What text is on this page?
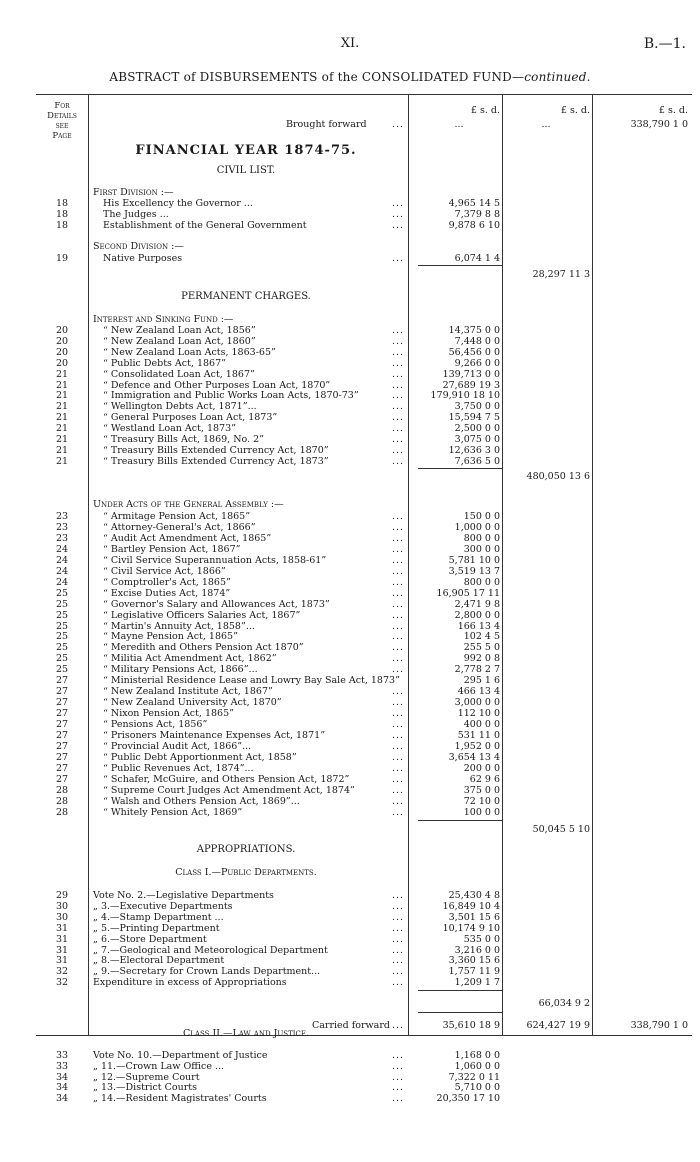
XI.	B.—1.
ABSTRACT of DISBURSEMENTS of the CONSOLIDATED FUND—continued.
For
Details
see
Page
£ s. d.	£ s. d.	£ s. d.
Brought forward	...	...	...	338,790 1 0
FINANCIAL YEAR 1874-75.
CIVIL LIST.
First Division :—
18	His Excellency the Governor ...	...	4,965 14 5
18	The Judges ...	...	7,379 8 8
18	Establishment of the General Government	...	9,878 6 10
Second Division :—
19	Native Purposes	...	6,074 1 4
28,297 11 3
PERMANENT CHARGES.
Interest and Sinking Fund :—
20	“ New Zealand Loan Act, 1856”	...	14,375 0 0
20	“ New Zealand Loan Act, 1860”	...	7,448 0 0
20	“ New Zealand Loan Acts, 1863-65”	...	56,456 0 0
20	“ Public Debts Act, 1867”	...	9,266 0 0
21	“ Consolidated Loan Act, 1867”	...	139,713 0 0
21	“ Defence and Other Purposes Loan Act, 1870”	...	27,689 19 3
21	“ Immigration and Public Works Loan Acts, 1870-73”	...	179,910 18 10
21	“ Wellington Debts Act, 1871”...	...	3,750 0 0
21	“ General Purposes Loan Act, 1873”	...	15,594 7 5
21	“ Westland Loan Act, 1873”	...	2,500 0 0
21	“ Treasury Bills Act, 1869, No. 2”	...	3,075 0 0
21	“ Treasury Bills Extended Currency Act, 1870”	...	12,636 3 0
21	“ Treasury Bills Extended Currency Act, 1873”	...	7,636 5 0
480,050 13 6
Under Acts of the General Assembly :—
23	“ Armitage Pension Act, 1865”	...	150 0 0
23	“ Attorney-General's Act, 1866”	...	1,000 0 0
23	“ Audit Act Amendment Act, 1865”	...	800 0 0
24	“ Bartley Pension Act, 1867”	...	300 0 0
24	“ Civil Service Superannuation Acts, 1858-61”	...	5,781 10 0
24	“ Civil Service Act, 1866”	...	3,519 13 7
24	“ Comptroller's Act, 1865”	...	800 0 0
25	“ Excise Duties Act, 1874”	...	16,905 17 11
25	“ Governor's Salary and Allowances Act, 1873”	...	2,471 9 8
25	“ Legislative Officers Salaries Act, 1867”	...	2,800 0 0
25	“ Martin's Annuity Act, 1858”...	...	166 13 4
25	“ Mayne Pension Act, 1865”	...	102 4 5
25	“ Meredith and Others Pension Act 1870”	...	255 5 0
25	“ Militia Act Amendment Act, 1862”	...	992 0 8
25	“ Military Pensions Act, 1866”...	...	2,778 2 7
27	“ Ministerial Residence Lease and Lowry Bay Sale Act, 1873”	295 1 6
27	“ New Zealand Institute Act, 1867”	...	466 13 4
27	“ New Zealand University Act, 1870”	...	3,000 0 0
27	“ Nixon Pension Act, 1865”	...	112 10 0
27	“ Pensions Act, 1856”	...	400 0 0
27	“ Prisoners Maintenance Expenses Act, 1871”	...	531 11 0
27	“ Provincial Audit Act, 1866”...	...	1,952 0 0
27	“ Public Debt Apportionment Act, 1858”	...	3,654 13 4
27	“ Public Revenues Act, 1874”...	...	200 0 0
27	“ Schafer, McGuire, and Others Pension Act, 1872”	...	62 9 6
28	“ Supreme Court Judges Act Amendment Act, 1874”	...	375 0 0
28	“ Walsh and Others Pension Act, 1869”...	...	72 10 0
28	“ Whitely Pension Act, 1869”	...	100 0 0
50,045 5 10
APPROPRIATIONS.
Class I.—Public Departments.
29	Vote No. 2.—Legislative Departments	...	25,430 4 8
30	„ 3.—Executive Departments	...	16,849 10 4
30	„ 4.—Stamp Department ...	...	3,501 15 6
31	„ 5.—Printing Department	...	10,174 9 10
31	„ 6.—Store Department	...	535 0 0
31	„ 7.—Geological and Meteorological Department	...	3,216 0 0
31	„ 8.—Electoral Department	...	3,360 15 6
32	„ 9.—Secretary for Crown Lands Department...	...	1,757 11 9
32	Expenditure in excess of Appropriations	...	1,209 1 7
66,034 9 2
Class II.—Law and Justice.
33	Vote No. 10.—Department of Justice	...	1,168 0 0
33	„ 11.—Crown Law Office ...	...	1,060 0 0
34	„ 12.—Supreme Court	...	7,322 0 11
34	„ 13.—District Courts	...	5,710 0 0
34	„ 14.—Resident Magistrates' Courts	...	20,350 17 10
Carried forward ...	35,610 18 9	624,427 19 9	338,790 1 0
